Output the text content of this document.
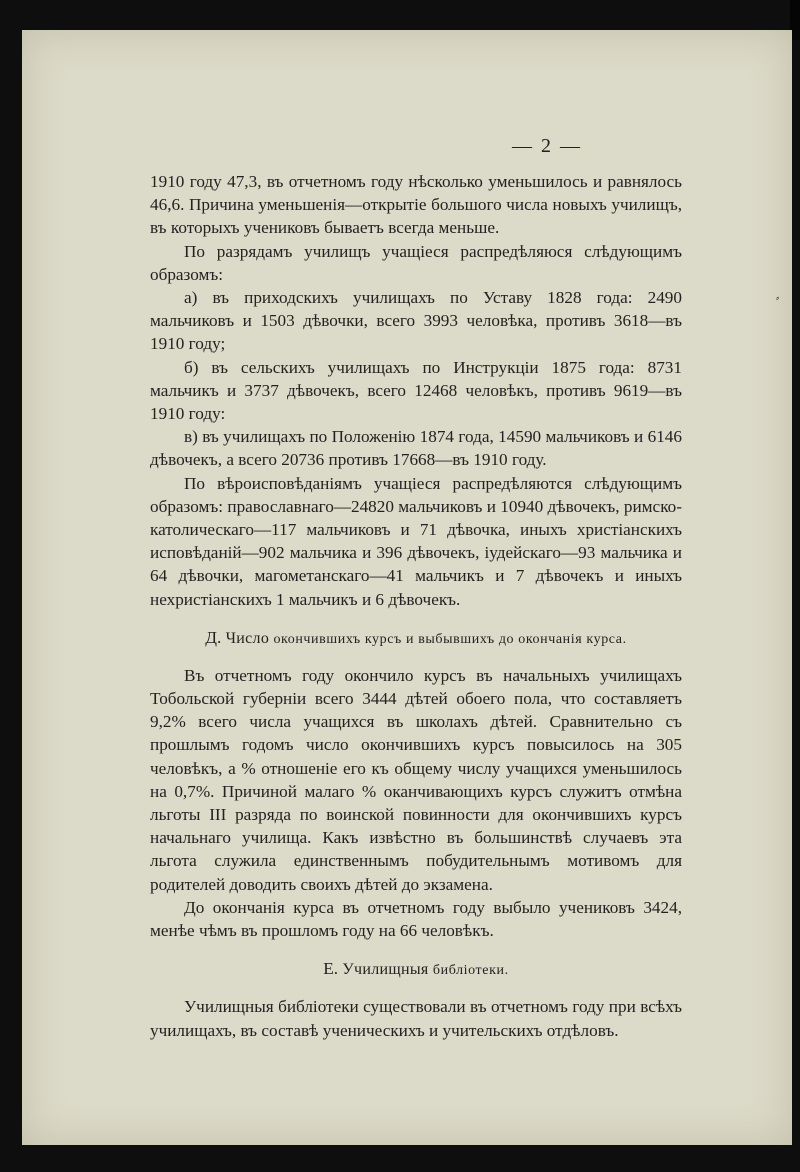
⸗
— 2 —

1910 году 47,3, въ отчетномъ году нѣсколько уменьшилось и равнялось 46,6. Причина уменьшенія—открытіе большого числа новыхъ училищъ, въ которыхъ учениковъ бываетъ всегда меньше.

По разрядамъ училищъ учащіеся распредѣляюся слѣдующимъ образомъ:

а) въ приходскихъ училищахъ по Уставу 1828 года: 2490 мальчиковъ и 1503 дѣвочки, всего 3993 человѣка, противъ 3618—въ 1910 году;

б) въ сельскихъ училищахъ по Инструкціи 1875 года: 8731 мальчикъ и 3737 дѣвочекъ, всего 12468 человѣкъ, противъ 9619—въ 1910 году:

в) въ училищахъ по Положенію 1874 года, 14590 мальчиковъ и 6146 дѣвочекъ, а всего 20736 противъ 17668—въ 1910 году.

По вѣроисповѣданіямъ учащіеся распредѣляются слѣдующимъ образомъ: православнаго—24820 мальчиковъ и 10940 дѣвочекъ, римско-католическаго—117 мальчиковъ и 71 дѣвочка, иныхъ христіанскихъ исповѣданій—902 мальчика и 396 дѣвочекъ, іудейскаго—93 мальчика и 64 дѣвочки, магометанскаго—41 мальчикъ и 7 дѣвочекъ и иныхъ нехристіанскихъ 1 мальчикъ и 6 дѣвочекъ.

Д. Число окончившихъ курсъ и выбывшихъ до окончанія курса.

Въ отчетномъ году окончило курсъ въ начальныхъ училищахъ Тобольской губерніи всего 3444 дѣтей обоего пола, что составляетъ 9,2% всего числа учащихся въ школахъ дѣтей. Сравнительно съ прошлымъ годомъ число окончившихъ курсъ повысилось на 305 человѣкъ, а % отношеніе его къ общему числу учащихся уменьшилось на 0,7%. Причиной малаго % оканчивающихъ курсъ служитъ отмѣна льготы III разряда по воинской повинности для окончившихъ курсъ начальнаго училища. Какъ извѣстно въ большинствѣ случаевъ эта льгота служила единственнымъ побудительнымъ мотивомъ для родителей доводить своихъ дѣтей до экзамена.

До окончанія курса въ отчетномъ году выбыло учениковъ 3424, менѣе чѣмъ въ прошломъ году на 66 человѣкъ.

Е. Училищныя библіотеки.

Училищныя библіотеки существовали въ отчетномъ году при всѣхъ училищахъ, въ составѣ ученическихъ и учительскихъ отдѣловъ.
